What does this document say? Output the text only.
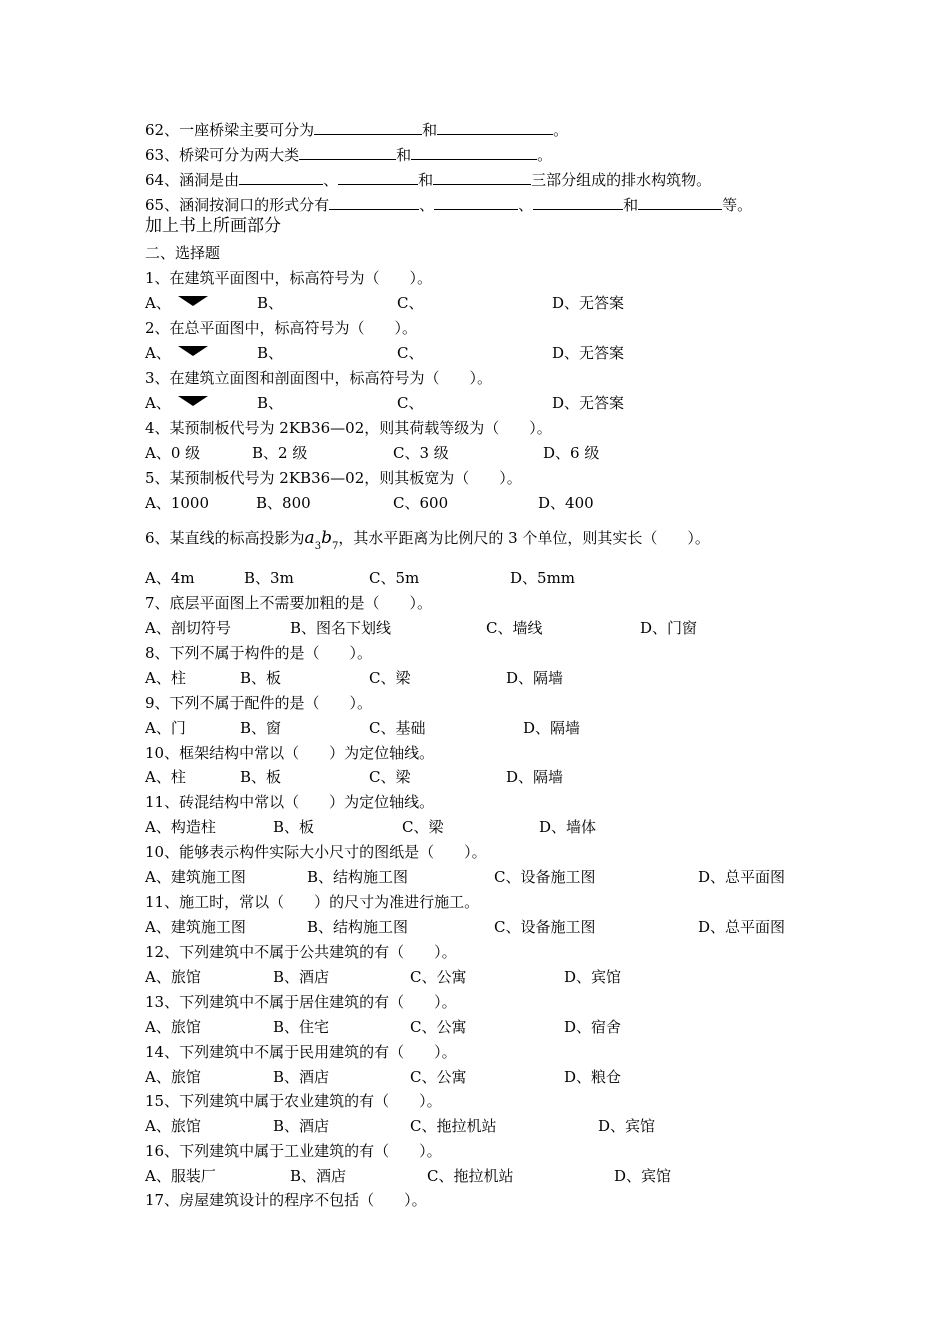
62、一座桥梁主要可分为	和	。
63、桥梁可分为两大类	和	。
64、涵洞是由	、	和	三部分组成的排水构筑物。
65、涵洞按洞口的形式分有	、	、	和	等。
加上书上所画部分
二、选择题
1、在建筑平面图中，标高符号为（　　）。
A、	B、	C、	D、无答案
2、在总平面图中，标高符号为（　　）。
A、	B、	C、	D、无答案
3、在建筑立面图和剖面图中，标高符号为（　　）。
A、	B、	C、	D、无答案
4、某预制板代号为 2KB36—02，则其荷载等级为（　　）。
A、0 级	B、2 级	C、3 级	D、6 级
5、某预制板代号为 2KB36—02，则其板宽为（　　）。
A、1000	B、800	C、600	D、400
6、某直线的标高投影为$a_3b_7$，其水平距离为比例尺的 3 个单位，则其实长（　　）。
A、4m	B、3m	C、5m	D、5mm
7、底层平面图上不需要加粗的是（　　）。
A、剖切符号	B、图名下划线	C、墙线	D、门窗
8、下列不属于构件的是（　　）。
A、柱	B、板	C、梁	D、隔墙
9、下列不属于配件的是（　　）。
A、门	B、窗	C、基础	D、隔墙
10、框架结构中常以（　　）为定位轴线。
A、柱	B、板	C、梁	D、隔墙
11、砖混结构中常以（　　）为定位轴线。
A、构造柱	B、板	C、梁	D、墙体
10、能够表示构件实际大小尺寸的图纸是（　　）。
A、建筑施工图	B、结构施工图	C、设备施工图	D、总平面图
11、施工时，常以（　　）的尺寸为准进行施工。
A、建筑施工图	B、结构施工图	C、设备施工图	D、总平面图
12、下列建筑中不属于公共建筑的有（　　）。
A、旅馆	B、酒店	C、公寓	D、宾馆
13、下列建筑中不属于居住建筑的有（　　）。
A、旅馆	B、住宅	C、公寓	D、宿舍
14、下列建筑中不属于民用建筑的有（　　）。
A、旅馆	B、酒店	C、公寓	D、粮仓
15、下列建筑中属于农业建筑的有（　　）。
A、旅馆	B、酒店	C、拖拉机站	D、宾馆
16、下列建筑中属于工业建筑的有（　　）。
A、服装厂	B、酒店	C、拖拉机站	D、宾馆
17、房屋建筑设计的程序不包括（　　）。
